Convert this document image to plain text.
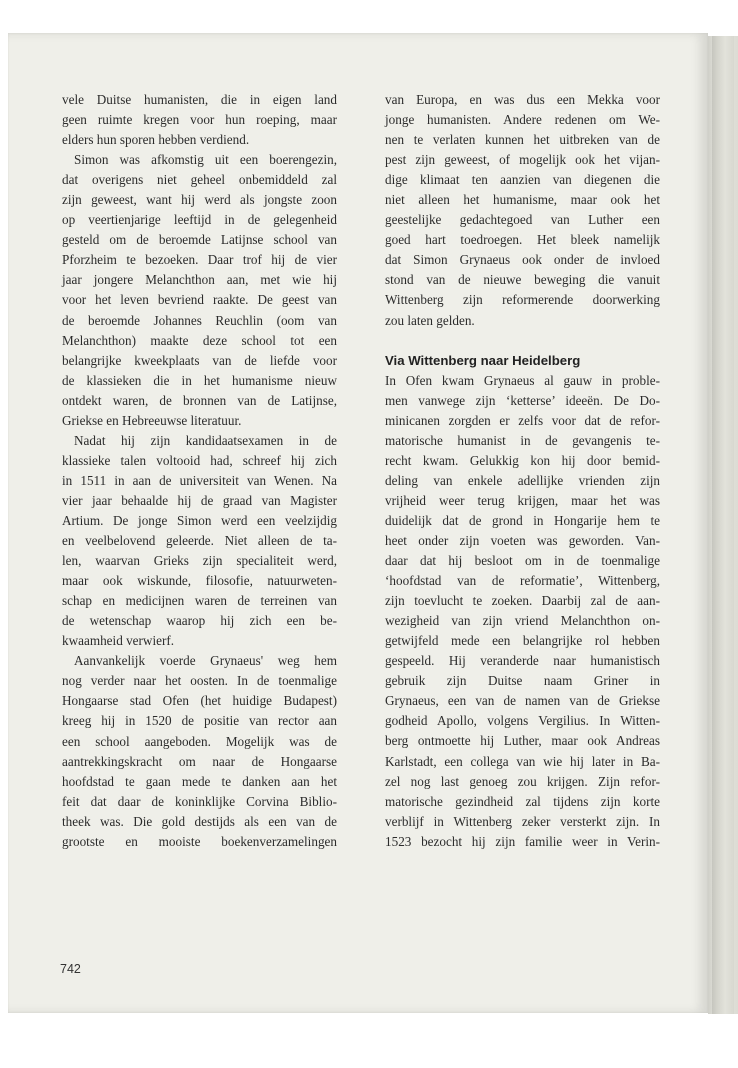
vele Duitse humanisten, die in eigen land
geen ruimte kregen voor hun roeping, maar
elders hun sporen hebben verdiend.
Simon was afkomstig uit een boerengezin,
dat overigens niet geheel onbemiddeld zal
zijn geweest, want hij werd als jongste zoon
op veertienjarige leeftijd in de gelegenheid
gesteld om de beroemde Latijnse school van
Pforzheim te bezoeken. Daar trof hij de vier
jaar jongere Melanchthon aan, met wie hij
voor het leven bevriend raakte. De geest van
de beroemde Johannes Reuchlin (oom van
Melanchthon) maakte deze school tot een
belangrijke kweekplaats van de liefde voor
de klassieken die in het humanisme nieuw
ontdekt waren, de bronnen van de Latijnse,
Griekse en Hebreeuwse literatuur.
Nadat hij zijn kandidaatsexamen in de
klassieke talen voltooid had, schreef hij zich
in 1511 in aan de universiteit van Wenen. Na
vier jaar behaalde hij de graad van Magister
Artium. De jonge Simon werd een veelzijdig
en veelbelovend geleerde. Niet alleen de ta-
len, waarvan Grieks zijn specialiteit werd,
maar ook wiskunde, filosofie, natuurweten-
schap en medicijnen waren de terreinen van
de wetenschap waarop hij zich een be-
kwaamheid verwierf.
Aanvankelijk voerde Grynaeus' weg hem
nog verder naar het oosten. In de toenmalige
Hongaarse stad Ofen (het huidige Budapest)
kreeg hij in 1520 de positie van rector aan
een school aangeboden. Mogelijk was de
aantrekkingskracht om naar de Hongaarse
hoofdstad te gaan mede te danken aan het
feit dat daar de koninklijke Corvina Biblio-
theek was. Die gold destijds als een van de
grootste en mooiste boekenverzamelingen
van Europa, en was dus een Mekka voor
jonge humanisten. Andere redenen om We-
nen te verlaten kunnen het uitbreken van de
pest zijn geweest, of mogelijk ook het vijan-
dige klimaat ten aanzien van diegenen die
niet alleen het humanisme, maar ook het
geestelijke gedachtegoed van Luther een
goed hart toedroegen. Het bleek namelijk
dat Simon Grynaeus ook onder de invloed
stond van de nieuwe beweging die vanuit
Wittenberg zijn reformerende doorwerking
zou laten gelden.
Via Wittenberg naar Heidelberg
In Ofen kwam Grynaeus al gauw in proble-
men vanwege zijn ‘ketterse’ ideeën. De Do-
minicanen zorgden er zelfs voor dat de refor-
matorische humanist in de gevangenis te-
recht kwam. Gelukkig kon hij door bemid-
deling van enkele adellijke vrienden zijn
vrijheid weer terug krijgen, maar het was
duidelijk dat de grond in Hongarije hem te
heet onder zijn voeten was geworden. Van-
daar dat hij besloot om in de toenmalige
‘hoofdstad van de reformatie’, Wittenberg,
zijn toevlucht te zoeken. Daarbij zal de aan-
wezigheid van zijn vriend Melanchthon on-
getwijfeld mede een belangrijke rol hebben
gespeeld. Hij veranderde naar humanistisch
gebruik zijn Duitse naam Griner in
Grynaeus, een van de namen van de Griekse
godheid Apollo, volgens Vergilius. In Witten-
berg ontmoette hij Luther, maar ook Andreas
Karlstadt, een collega van wie hij later in Ba-
zel nog last genoeg zou krijgen. Zijn refor-
matorische gezindheid zal tijdens zijn korte
verblijf in Wittenberg zeker versterkt zijn. In
1523 bezocht hij zijn familie weer in Verin-
742
